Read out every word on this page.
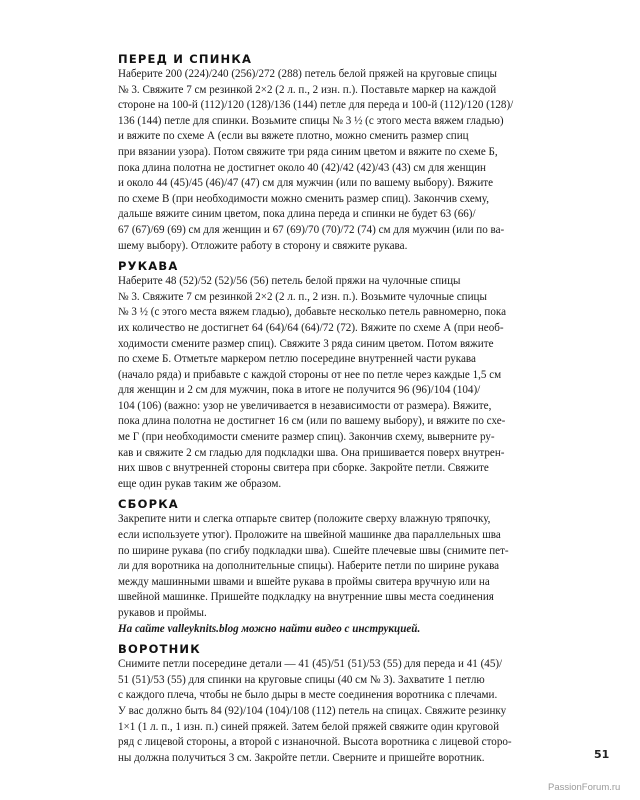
ПЕРЕД И СПИНКА

Наберите 200 (224)/240 (256)/272 (288) петель белой пряжей на круговые спицы

№ 3. Свяжите 7 см резинкой 2×2 (2 л. п., 2 изн. п.). Поставьте маркер на каждой

стороне на 100-й (112)/120 (128)/136 (144) петле для переда и 100-й (112)/120 (128)/

136 (144) петле для спинки. Возьмите спицы № 3 ½ (с этого места вяжем гладью)

и вяжите по схеме А (если вы вяжете плотно, можно сменить размер спиц

при вязании узора). Потом свяжите три ряда синим цветом и вяжите по схеме Б,

пока длина полотна не достигнет около 40 (42)/42 (42)/43 (43) см для женщин

и около 44 (45)/45 (46)/47 (47) см для мужчин (или по вашему выбору). Вяжите

по схеме В (при необходимости можно сменить размер спиц). Закончив схему,

дальше вяжите синим цветом, пока длина переда и спинки не будет 63 (66)/

67 (67)/69 (69) см для женщин и 67 (69)/70 (70)/72 (74) см для мужчин (или по ва-

шему выбору). Отложите работу в сторону и свяжите рукава.

РУКАВА

Наберите 48 (52)/52 (52)/56 (56) петель белой пряжи на чулочные спицы

№ 3. Свяжите 7 см резинкой 2×2 (2 л. п., 2 изн. п.). Возьмите чулочные спицы

№ 3 ½ (с этого места вяжем гладью), добавьте несколько петель равномерно, пока

их количество не достигнет 64 (64)/64 (64)/72 (72). Вяжите по схеме А (при необ-

ходимости смените размер спиц). Свяжите 3 ряда синим цветом. Потом вяжите

по схеме Б. Отметьте маркером петлю посередине внутренней части рукава

(начало ряда) и прибавьте с каждой стороны от нее по петле через каждые 1,5 см

для женщин и 2 см для мужчин, пока в итоге не получится 96 (96)/104 (104)/

104 (106) (важно: узор не увеличивается в независимости от размера). Вяжите,

пока длина полотна не достигнет 16 см (или по вашему выбору), и вяжите по схе-

ме Г (при необходимости смените размер спиц). Закончив схему, выверните ру-

кав и свяжите 2 см гладью для подкладки шва. Она пришивается поверх внутрен-

них швов с внутренней стороны свитера при сборке. Закройте петли. Свяжите

еще один рукав таким же образом.

СБОРКА

Закрепите нити и слегка отпарьте свитер (положите сверху влажную тряпочку,

если используете утюг). Проложите на швейной машинке два параллельных шва

по ширине рукава (по сгибу подкладки шва). Сшейте плечевые швы (снимите пет-

ли для воротника на дополнительные спицы). Наберите петли по ширине рукава

между машинными швами и вшейте рукава в проймы свитера вручную или на

швейной машинке. Пришейте подкладку на внутренние швы места соединения

рукавов и проймы.

На сайте valleyknits.blog можно найти видео с инструкцией.

ВОРОТНИК

Снимите петли посередине детали — 41 (45)/51 (51)/53 (55) для переда и 41 (45)/

51 (51)/53 (55) для спинки на круговые спицы (40 см № 3). Захватите 1 петлю

с каждого плеча, чтобы не было дыры в месте соединения воротника с плечами.

У вас должно быть 84 (92)/104 (104)/108 (112) петель на спицах. Свяжите резинку

1×1 (1 л. п., 1 изн. п.) синей пряжей. Затем белой пряжей свяжите один круговой

ряд с лицевой стороны, а второй с изнаночной. Высота воротника с лицевой сторо-

ны должна получиться 3 см. Закройте петли. Сверните и пришейте воротник.	51
PassionForum.ru
